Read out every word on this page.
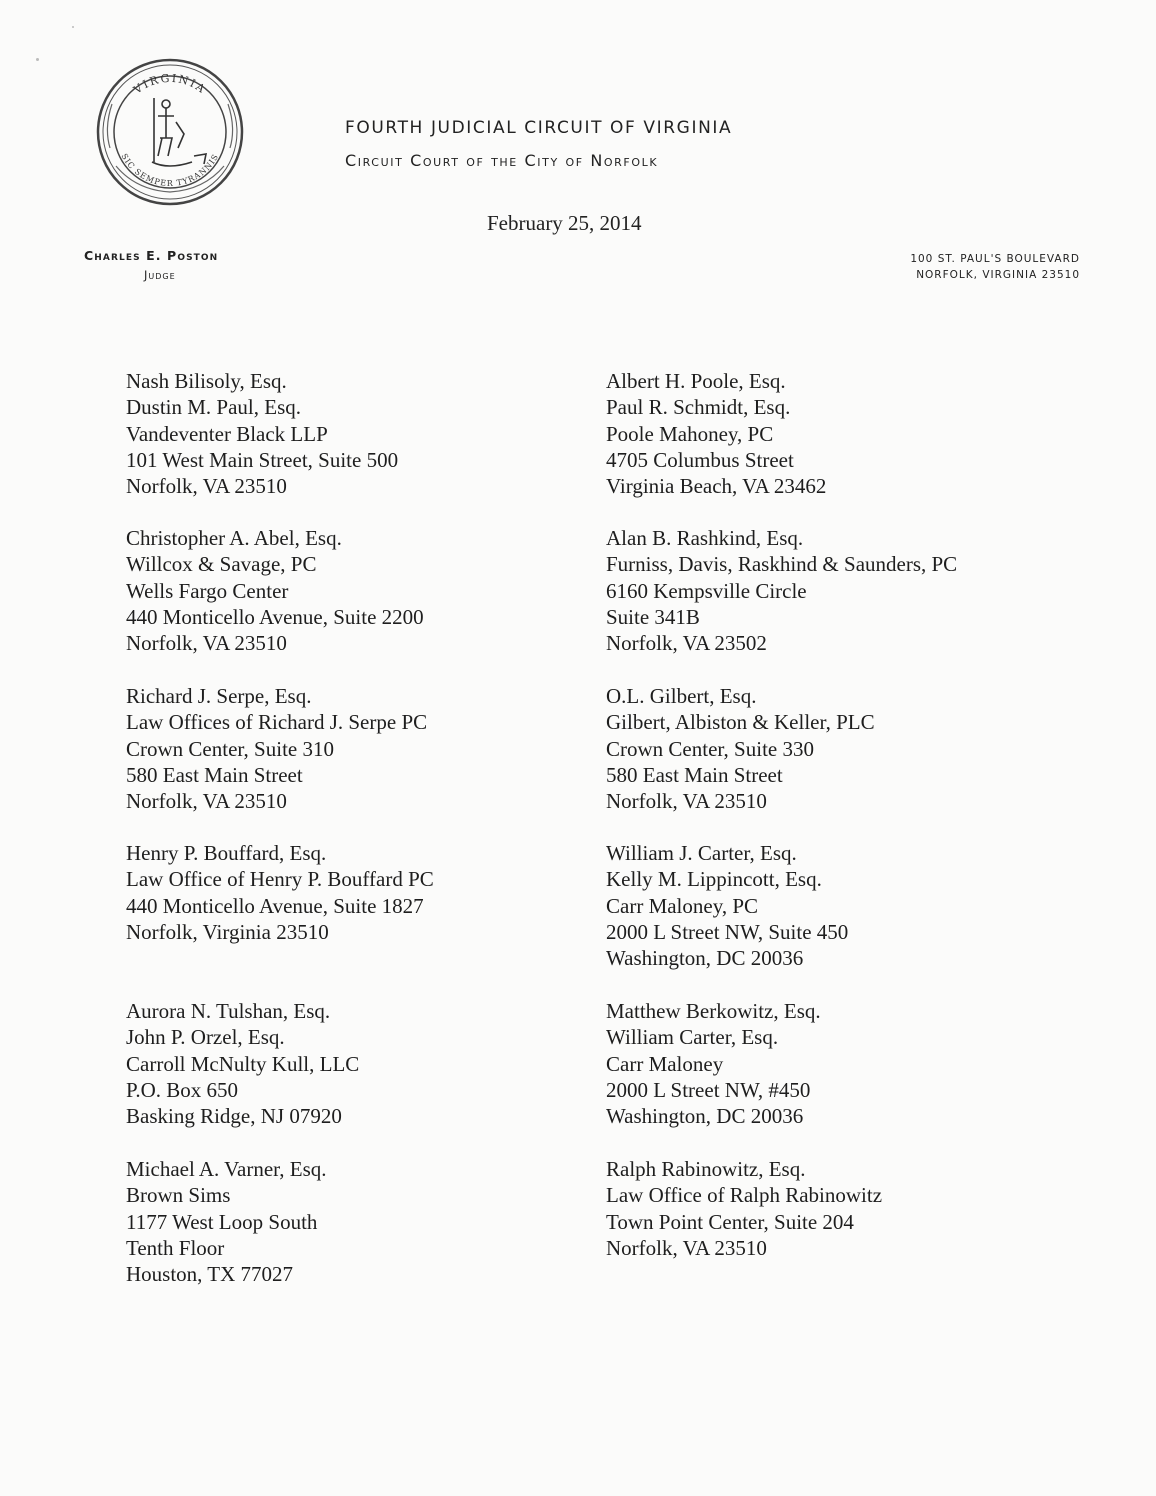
VIRGINIA
SIC SEMPER TYRANNIS
FOURTH JUDICIAL CIRCUIT OF VIRGINIA
Circuit Court of the City of Norfolk
February 25, 2014
Charles E. Poston
Judge
100 ST. PAUL'S BOULEVARD
NORFOLK, VIRGINIA 23510
Nash Bilisoly, Esq.
Dustin M. Paul, Esq.
Vandeventer Black LLP
101 West Main Street, Suite 500
Norfolk, VA 23510
Christopher A. Abel, Esq.
Willcox & Savage, PC
Wells Fargo Center
440 Monticello Avenue, Suite 2200
Norfolk, VA 23510
Richard J. Serpe, Esq.
Law Offices of Richard J. Serpe PC
Crown Center, Suite 310
580 East Main Street
Norfolk, VA 23510
Henry P. Bouffard, Esq.
Law Office of Henry P. Bouffard PC
440 Monticello Avenue, Suite 1827
Norfolk, Virginia 23510
Aurora N. Tulshan, Esq.
John P. Orzel, Esq.
Carroll McNulty Kull, LLC
P.O. Box 650
Basking Ridge, NJ 07920
Michael A. Varner, Esq.
Brown Sims
1177 West Loop South
Tenth Floor
Houston, TX 77027
Albert H. Poole, Esq.
Paul R. Schmidt, Esq.
Poole Mahoney, PC
4705 Columbus Street
Virginia Beach, VA 23462
Alan B. Rashkind, Esq.
Furniss, Davis, Raskhind & Saunders, PC
6160 Kempsville Circle
Suite 341B
Norfolk, VA 23502
O.L. Gilbert, Esq.
Gilbert, Albiston & Keller, PLC
Crown Center, Suite 330
580 East Main Street
Norfolk, VA 23510
William J. Carter, Esq.
Kelly M. Lippincott, Esq.
Carr Maloney, PC
2000 L Street NW, Suite 450
Washington, DC 20036
Matthew Berkowitz, Esq.
William Carter, Esq.
Carr Maloney
2000 L Street NW, #450
Washington, DC 20036
Ralph Rabinowitz, Esq.
Law Office of Ralph Rabinowitz
Town Point Center, Suite 204
Norfolk, VA 23510
